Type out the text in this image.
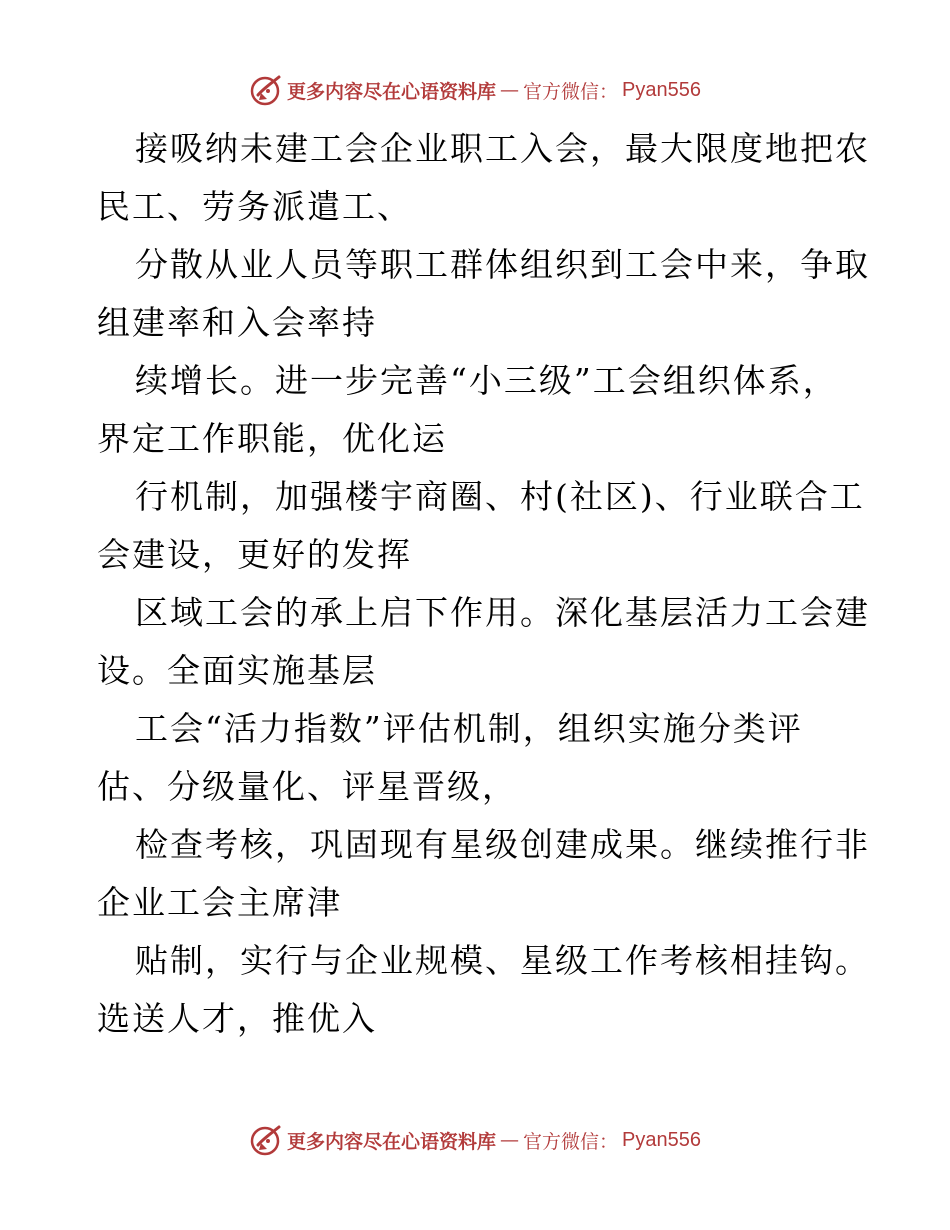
更多内容尽在心语资料库 — 官方微信： Pyan556
接吸纳未建工会企业职工入会，最大限度地把农
民工、劳务派遣工、
分散从业人员等职工群体组织到工会中来，争取
组建率和入会率持
续增长。进一步完善“小三级”工会组织体系，
界定工作职能，优化运
行机制，加强楼宇商圈、村(社区)、行业联合工
会建设，更好的发挥
区域工会的承上启下作用。深化基层活力工会建
设。全面实施基层
工会“活力指数”评估机制，组织实施分类评
估、分级量化、评星晋级，
检查考核，巩固现有星级创建成果。继续推行非
企业工会主席津
贴制，实行与企业规模、星级工作考核相挂钩。
选送人才，推优入
更多内容尽在心语资料库 — 官方微信： Pyan556
